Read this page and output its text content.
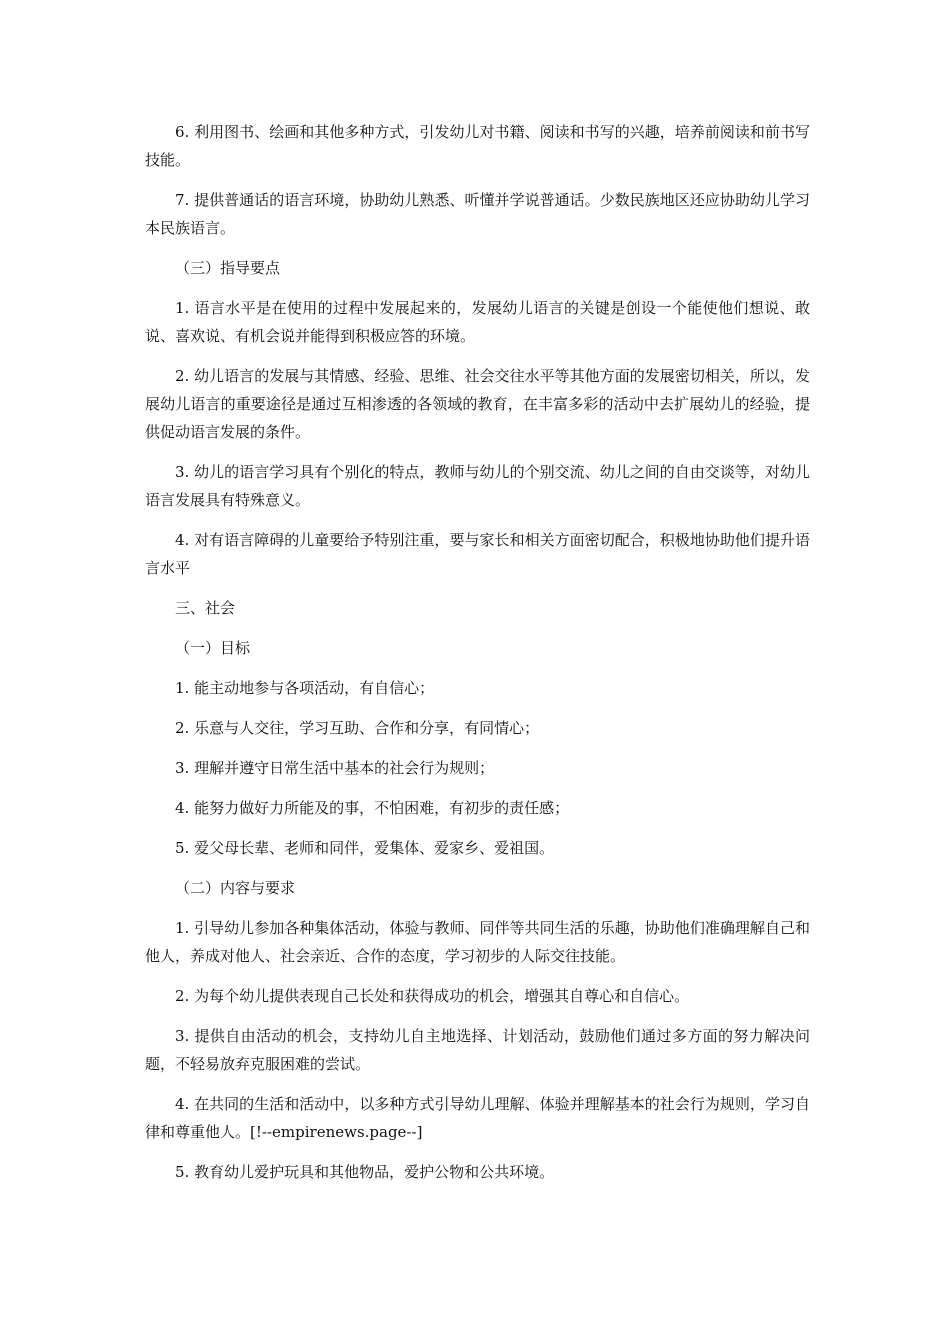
6. 利用图书、绘画和其他多种方式，引发幼儿对书籍、阅读和书写的兴趣，培养前阅读和前书写技能。

7. 提供普通话的语言环境，协助幼儿熟悉、听懂并学说普通话。少数民族地区还应协助幼儿学习本民族语言。

（三）指导要点

1. 语言水平是在使用的过程中发展起来的，发展幼儿语言的关键是创设一个能使他们想说、敢说、喜欢说、有机会说并能得到积极应答的环境。

2. 幼儿语言的发展与其情感、经验、思维、社会交往水平等其他方面的发展密切相关，所以，发展幼儿语言的重要途径是通过互相渗透的各领域的教育，在丰富多彩的活动中去扩展幼儿的经验，提供促动语言发展的条件。

3. 幼儿的语言学习具有个别化的特点，教师与幼儿的个别交流、幼儿之间的自由交谈等，对幼儿语言发展具有特殊意义。

4. 对有语言障碍的儿童要给予特别注重，要与家长和相关方面密切配合，积极地协助他们提升语言水平

三、社会

（一）目标

1. 能主动地参与各项活动，有自信心；

2. 乐意与人交往，学习互助、合作和分享，有同情心；

3. 理解并遵守日常生活中基本的社会行为规则；

4. 能努力做好力所能及的事，不怕困难，有初步的责任感；

5. 爱父母长辈、老师和同伴，爱集体、爱家乡、爱祖国。

（二）内容与要求

1. 引导幼儿参加各种集体活动，体验与教师、同伴等共同生活的乐趣，协助他们准确理解自己和他人，养成对他人、社会亲近、合作的态度，学习初步的人际交往技能。

2. 为每个幼儿提供表现自己长处和获得成功的机会，增强其自尊心和自信心。

3. 提供自由活动的机会，支持幼儿自主地选择、计划活动，鼓励他们通过多方面的努力解决问题，不轻易放弃克服困难的尝试。

4. 在共同的生活和活动中，以多种方式引导幼儿理解、体验并理解基本的社会行为规则，学习自律和尊重他人。[!--empirenews.page--]

5. 教育幼儿爱护玩具和其他物品，爱护公物和公共环境。
